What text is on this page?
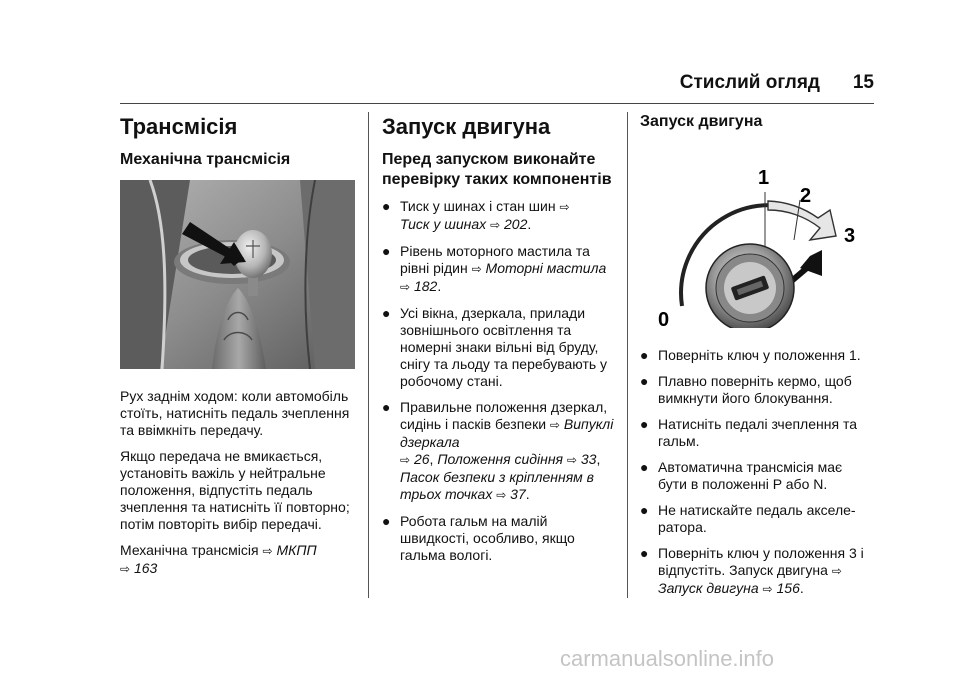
Стислий огляд 15
Трансмісія
Механічна трансмісія
Рух заднім ходом: коли автомобіль стоїть, натисніть педаль зчеплення та ввімкніть передачу.
Якщо передача не вмикається, установіть важіль у нейтральне положення, відпустіть педаль зчеплення та натисніть її повторно; потім повторіть вибір передачі.
Механічна трансмісія ⇨ МКПП
⇨ 163
Запуск двигуна
Перед запуском виконайте перевірку таких компонентів
● Тиск у шинах і стан шин ⇨
Тиск у шинах ⇨ 202.
● Рівень моторного мастила та рівні рідин ⇨ Моторні мастила ⇨ 182.
● Усі вікна, дзеркала, прилади зовнішнього освітлення та номерні знаки вільні від бруду, снігу та льоду та перебувають у робочому стані.
● Правильне положення дзеркал, сидінь і пасків безпеки ⇨ Випуклі дзеркала
⇨ 26, Положення сидіння ⇨ 33, Пасок безпеки з кріпленням в трьох точках ⇨ 37.
● Робота гальм на малій швидкості, особливо, якщо гальма вологі.
Запуск двигуна
1
2
3
0
● Поверніть ключ у положення 1.
● Плавно поверніть кермо, щоб вимкнути його блокування.
● Натисніть педалі зчеплення та гальм.
● Автоматична трансмісія має бути в положенні P або N.
● Не натискайте педаль акселератора.
● Поверніть ключ у положення 3 і відпустіть. Запуск двигуна ⇨
Запуск двигуна ⇨ 156.
carmanualsonline.info
